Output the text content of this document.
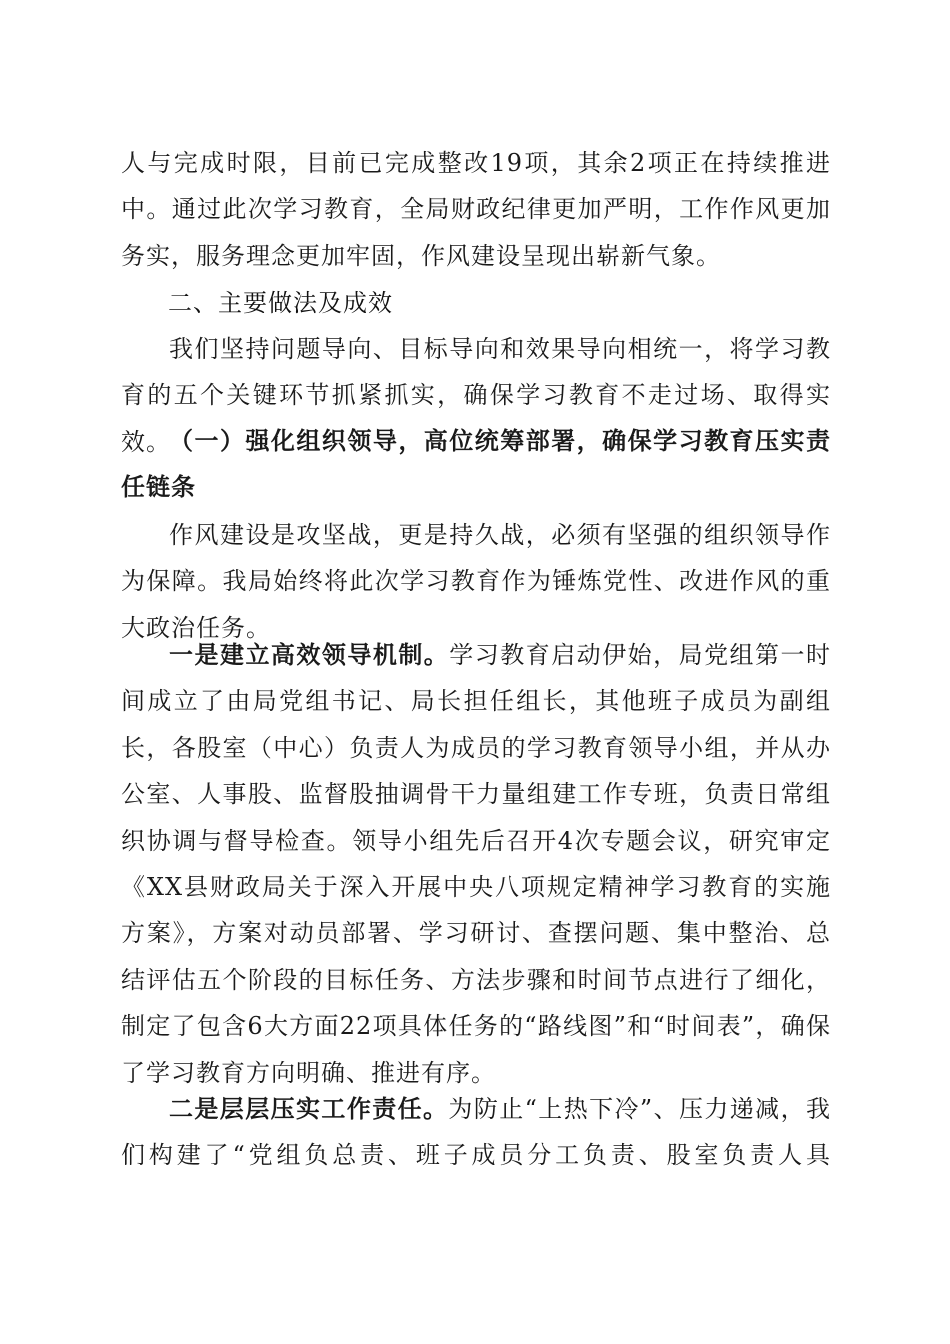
人与完成时限，目前已完成整改19项，其余2项正在持续推进中。通过此次学习教育，全局财政纪律更加严明，工作作风更加务实，服务理念更加牢固，作风建设呈现出崭新气象。
二、主要做法及成效
我们坚持问题导向、目标导向和效果导向相统一，将学习教育的五个关键环节抓紧抓实，确保学习教育不走过场、取得实效。
（一）强化组织领导，高位统筹部署，确保学习教育压实责任链条
作风建设是攻坚战，更是持久战，必须有坚强的组织领导作为保障。我局始终将此次学习教育作为锤炼党性、改进作风的重大政治任务。
一是建立高效领导机制。学习教育启动伊始，局党组第一时间成立了由局党组书记、局长担任组长，其他班子成员为副组长，各股室（中心）负责人为成员的学习教育领导小组，并从办公室、人事股、监督股抽调骨干力量组建工作专班，负责日常组织协调与督导检查。领导小组先后召开4次专题会议，研究审定《XX县财政局关于深入开展中央八项规定精神学习教育的实施方案》，方案对动员部署、学习研讨、查摆问题、集中整治、总结评估五个阶段的目标任务、方法步骤和时间节点进行了细化，制定了包含6大方面22项具体任务的“路线图”和“时间表”，确保了学习教育方向明确、推进有序。
二是层层压实工作责任。为防止“上热下冷”、压力递减，我们构建了“党组负总责、班子成员分工负责、股室负责人具
